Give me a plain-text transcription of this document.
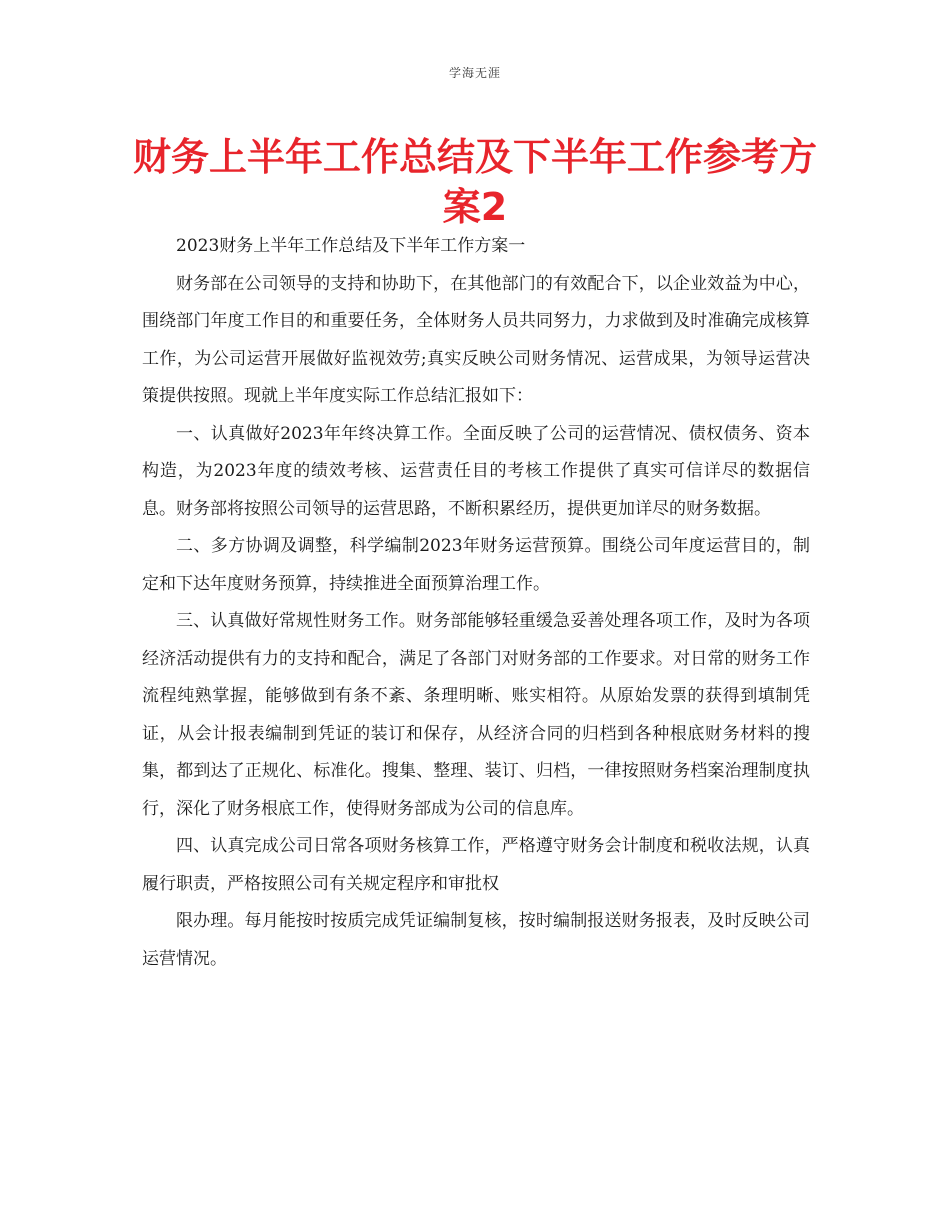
学海无涯
财务上半年工作总结及下半年工作参考方案2

2023财务上半年工作总结及下半年工作方案一

财务部在公司领导的支持和协助下，在其他部门的有效配合下，以企业效益为中心，围绕部门年度工作目的和重要任务，全体财务人员共同努力，力求做到及时准确完成核算工作，为公司运营开展做好监视效劳;真实反映公司财务情况、运营成果，为领导运营决策提供按照。现就上半年度实际工作总结汇报如下：

一、认真做好2023年年终决算工作。全面反映了公司的运营情况、债权债务、资本构造，为2023年度的绩效考核、运营责任目的考核工作提供了真实可信详尽的数据信息。财务部将按照公司领导的运营思路，不断积累经历，提供更加详尽的财务数据。

二、多方协调及调整，科学编制2023年财务运营预算。围绕公司年度运营目的，制定和下达年度财务预算，持续推进全面预算治理工作。

三、认真做好常规性财务工作。财务部能够轻重缓急妥善处理各项工作，及时为各项经济活动提供有力的支持和配合，满足了各部门对财务部的工作要求。对日常的财务工作流程纯熟掌握，能够做到有条不紊、条理明晰、账实相符。从原始发票的获得到填制凭证，从会计报表编制到凭证的装订和保存，从经济合同的归档到各种根底财务材料的搜集，都到达了正规化、标准化。搜集、整理、装订、归档，一律按照财务档案治理制度执行，深化了财务根底工作，使得财务部成为公司的信息库。

四、认真完成公司日常各项财务核算工作，严格遵守财务会计制度和税收法规，认真履行职责，严格按照公司有关规定程序和审批权

限办理。每月能按时按质完成凭证编制复核，按时编制报送财务报表，及时反映公司运营情况。
